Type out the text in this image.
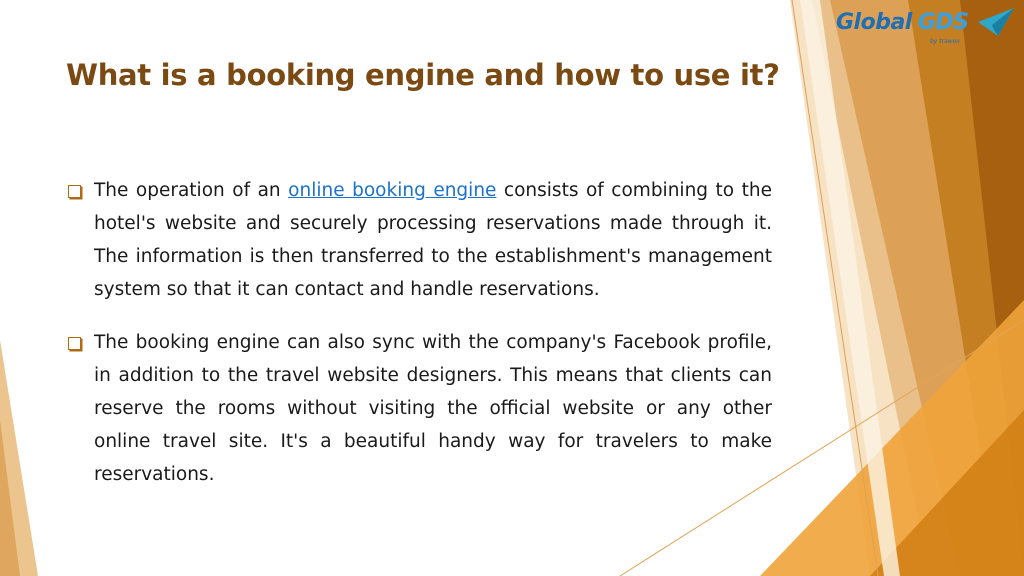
Global GDS
by trawex
What is a booking engine and how to use it?

The operation of an online booking engine consists of combining to the hotel's website and securely processing reservations made through it. The information is then transferred to the establishment's management system so that it can contact and handle reservations.

The booking engine can also sync with the company's Facebook profile, in addition to the travel website designers. This means that clients can reserve the rooms without visiting the official website or any other online travel site. It's a beautiful handy way for travelers to make reservations.
